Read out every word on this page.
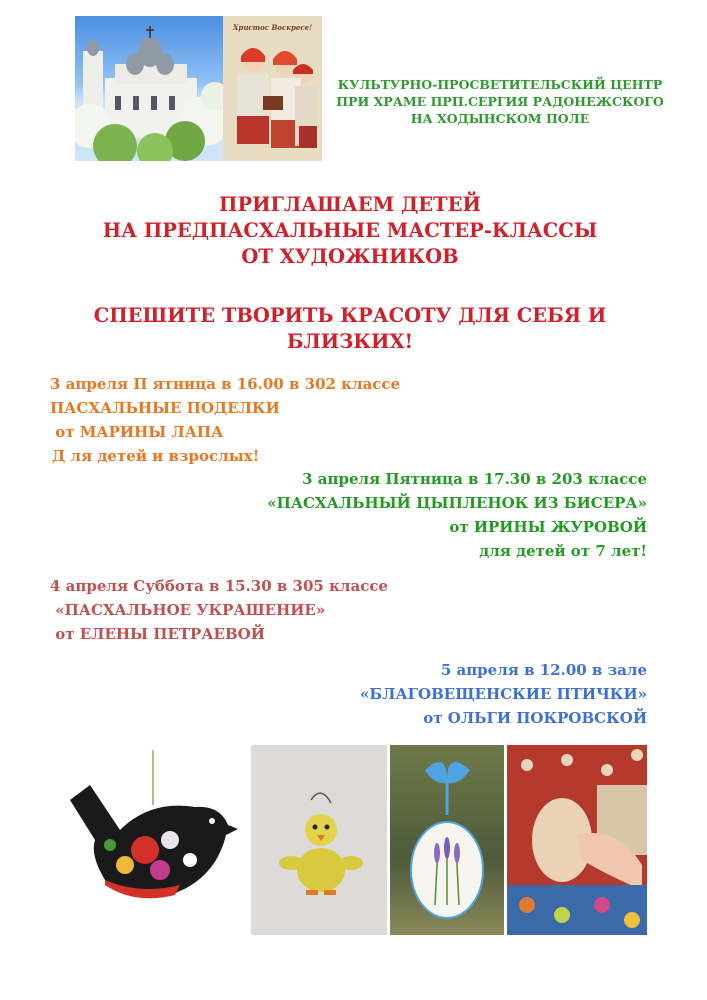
Христос Воскресе!
КУЛЬТУРНО-ПРОСВЕТИТЕЛЬСКИЙ ЦЕНТР
ПРИ ХРАМЕ ПРП.СЕРГИЯ РАДОНЕЖСКОГО
НА ХОДЫНСКОМ ПОЛЕ
ПРИГЛАШАЕМ ДЕТЕЙ
НА ПРЕДПАСХАЛЬНЫЕ МАСТЕР-КЛАССЫ
ОТ ХУДОЖНИКОВ
СПЕШИТЕ ТВОРИТЬ КРАСОТУ ДЛЯ СЕБЯ И
БЛИЗКИХ!
3 апреля П ятница в 16.00 в 302 классе
ПАСХАЛЬНЫЕ ПОДЕЛКИ
от МАРИНЫ ЛАПА
Д ля детей и взрослых!
3 апреля Пятница в 17.30 в 203 классе
«ПАСХАЛЬНЫЙ ЦЫПЛЕНОК ИЗ БИСЕРА»
от ИРИНЫ ЖУРОВОЙ
для детей от 7 лет!
4 апреля Суббота в 15.30 в 305 классе
«ПАСХАЛЬНОЕ УКРАШЕНИЕ»
от ЕЛЕНЫ ПЕТРАЕВОЙ
5 апреля в 12.00 в зале
«БЛАГОВЕЩЕНСКИЕ ПТИЧКИ»
от ОЛЬГИ ПОКРОВСКОЙ
